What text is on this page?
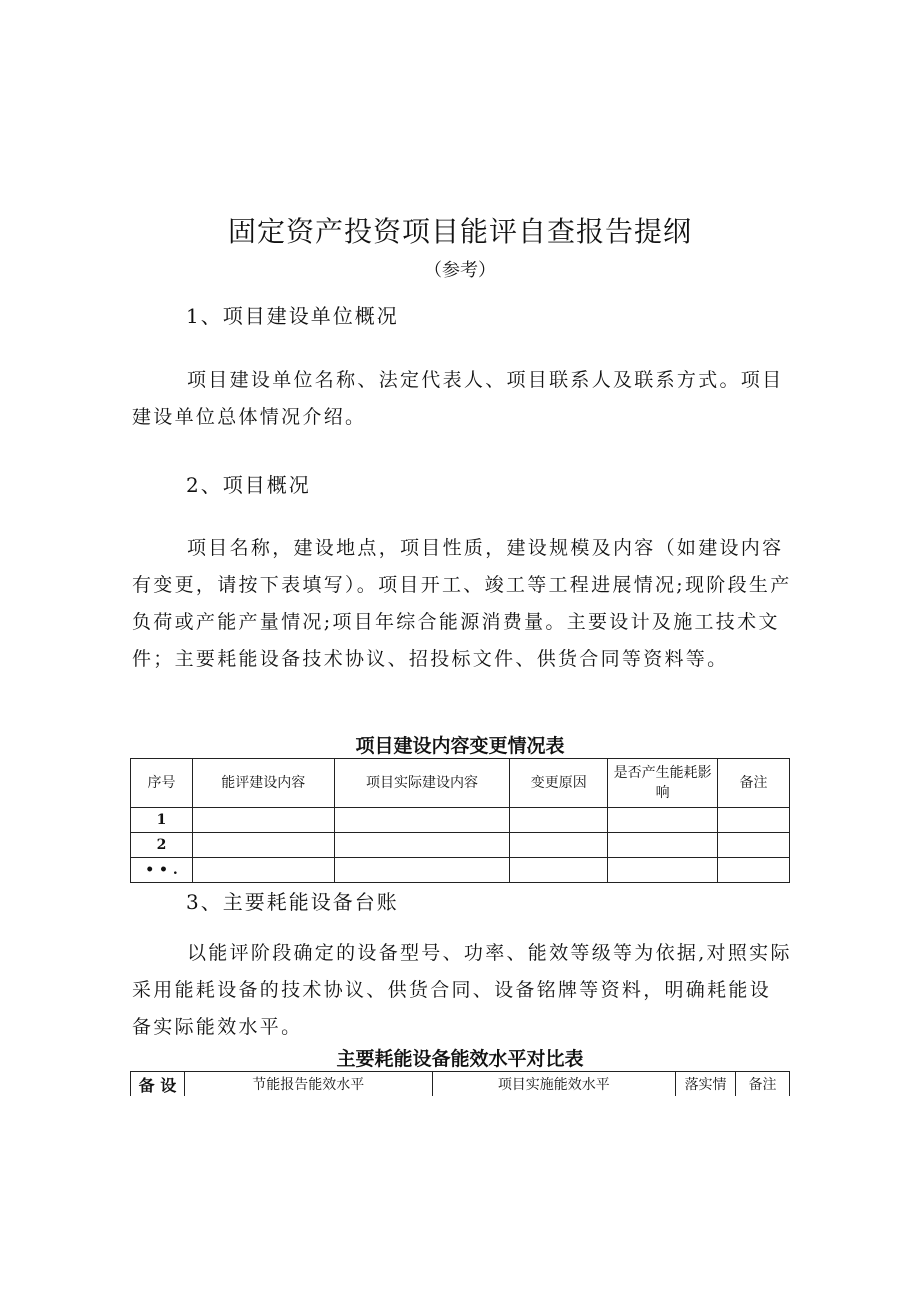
固定资产投资项目能评自查报告提纲
（参考）
1、项目建设单位概况

项目建设单位名称、法定代表人、项目联系人及联系方式。项目建设单位总体情况介绍。

2、项目概况

项目名称，建设地点，项目性质，建设规模及内容（如建设内容有变更，请按下表填写）。项目开工、竣工等工程进展情况;现阶段生产负荷或产能产量情况;项目年综合能源消费量。主要设计及施工技术文件；主要耗能设备技术协议、招投标文件、供货合同等资料等。

项目建设内容变更情况表
序号	能评建设内容	项目实际建设内容	变更原因	是否产生能耗影响	备注
1					
2					
• • .					
3、主要耗能设备台账

以能评阶段确定的设备型号、功率、能效等级等为依据,对照实际采用能耗设备的技术协议、供货合同、设备铭牌等资料，明确耗能设备实际能效水平。

主要耗能设备能效水平对比表
备 设	节能报告能效水平	项目实施能效水平	落实情	备注
